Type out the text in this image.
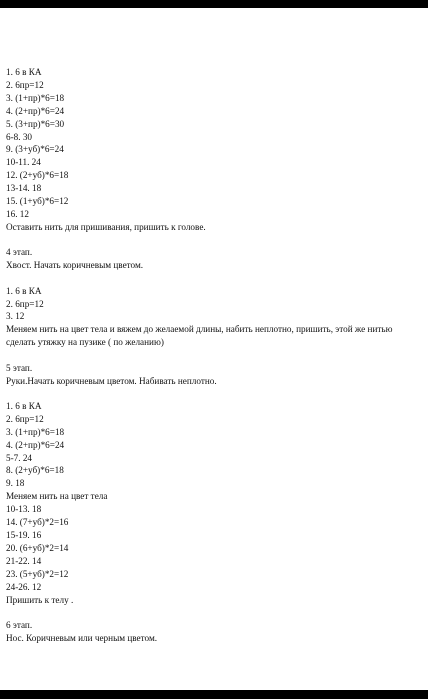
1. 6 в КА
2. 6пр=12
3. (1+пр)*6=18
4. (2+пр)*6=24
5. (3+пр)*6=30
6-8. 30
9. (3+уб)*6=24
10-11. 24
12. (2+уб)*6=18
13-14. 18
15. (1+уб)*6=12
16. 12
Оставить нить для пришивания, пришить к голове.
4 этап.
Хвост. Начать коричневым цветом.
1. 6 в КА
2. 6пр=12
3. 12
Меняем нить на цвет тела и вяжем до желаемой длины, набить неплотно, пришить, этой же нитью сделать утяжку на пузике ( по желанию)
5 этап.
Руки.Начать коричневым цветом. Набивать неплотно.
1. 6 в КА
2. 6пр=12
3. (1+пр)*6=18
4. (2+пр)*6=24
5-7. 24
8. (2+уб)*6=18
9. 18
Меняем нить на цвет тела
10-13. 18
14. (7+уб)*2=16
15-19. 16
20. (6+уб)*2=14
21-22. 14
23. (5+уб)*2=12
24-26. 12
Пришить к телу .
6 этап.
Нос. Коричневым или черным цветом.
